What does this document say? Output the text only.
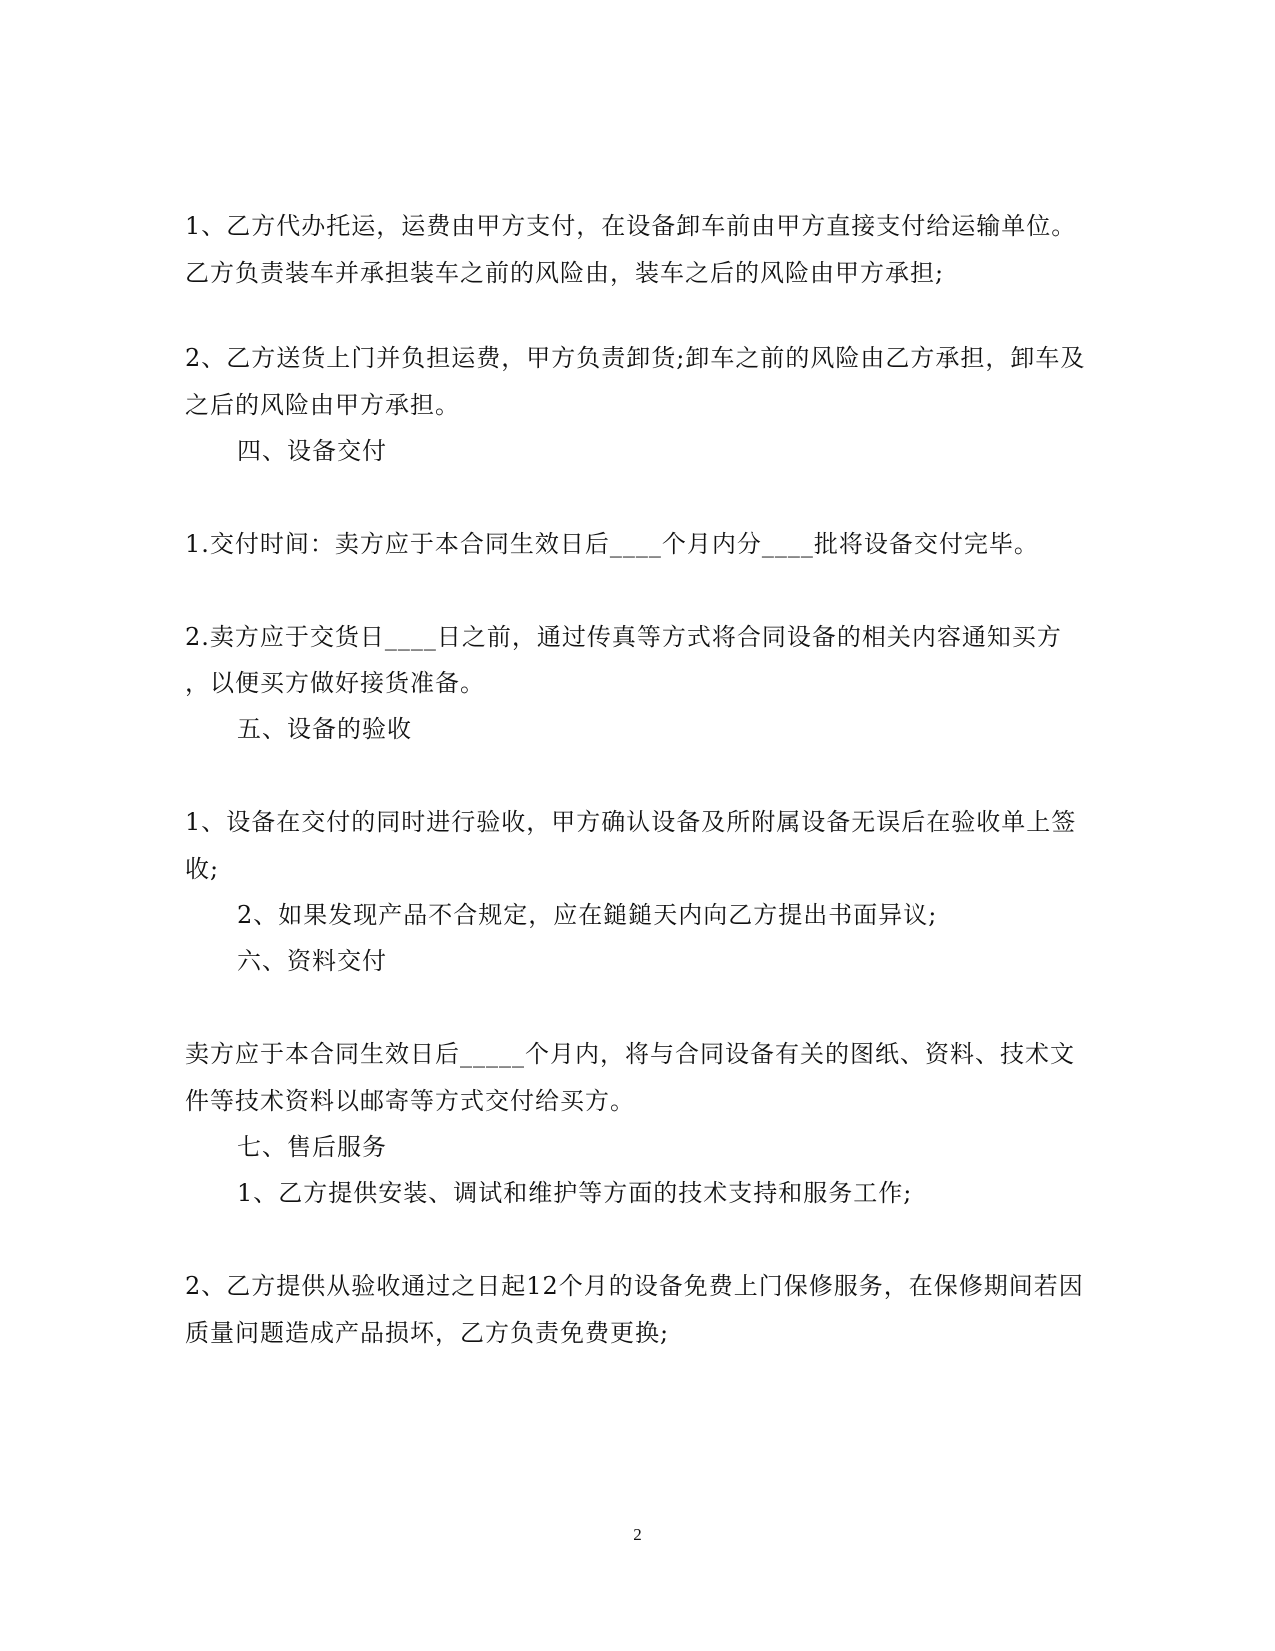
1、乙方代办托运，运费由甲方支付，在设备卸车前由甲方直接支付给运输单位。
乙方负责装车并承担装车之前的风险由，装车之后的风险由甲方承担;
2、乙方送货上门并负担运费，甲方负责卸货;卸车之前的风险由乙方承担，卸车及
之后的风险由甲方承担。
四、设备交付
1.交付时间：卖方应于本合同生效日后____个月内分____批将设备交付完毕。
2.卖方应于交货日____日之前，通过传真等方式将合同设备的相关内容通知买方
，以便买方做好接货准备。
五、设备的验收
1、设备在交付的同时进行验收，甲方确认设备及所附属设备无误后在验收单上签
收;
2、如果发现产品不合规定，应在鎚鎚天内向乙方提出书面异议;
六、资料交付
卖方应于本合同生效日后_____个月内，将与合同设备有关的图纸、资料、技术文
件等技术资料以邮寄等方式交付给买方。
七、售后服务
1、乙方提供安装、调试和维护等方面的技术支持和服务工作;
2、乙方提供从验收通过之日起12个月的设备免费上门保修服务，在保修期间若因
质量问题造成产品损坏，乙方负责免费更换;
2
